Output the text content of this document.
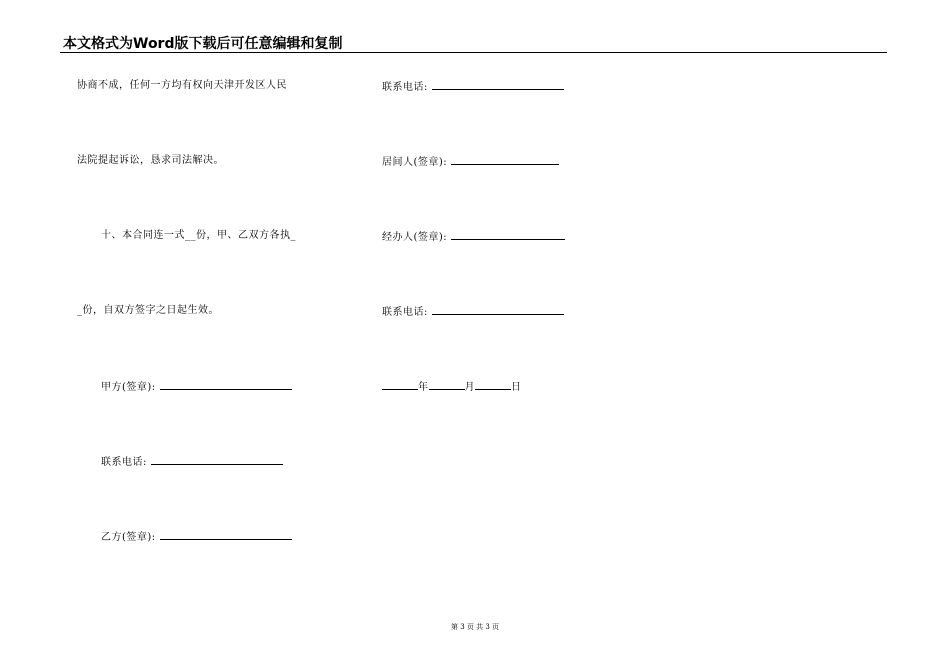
本文格式为Word版下载后可任意编辑和复制
协商不成，任何一方均有权向天津开发区人民
法院提起诉讼，恳求司法解决。
十、本合同连一式__份，甲、乙双方各执_
_份，自双方签字之日起生效。
甲方(签章):
联系电话:
乙方(签章):
联系电话:
居间人(签章):
经办人(签章):
联系电话:
年	月	日
第 3 页 共 3 页
